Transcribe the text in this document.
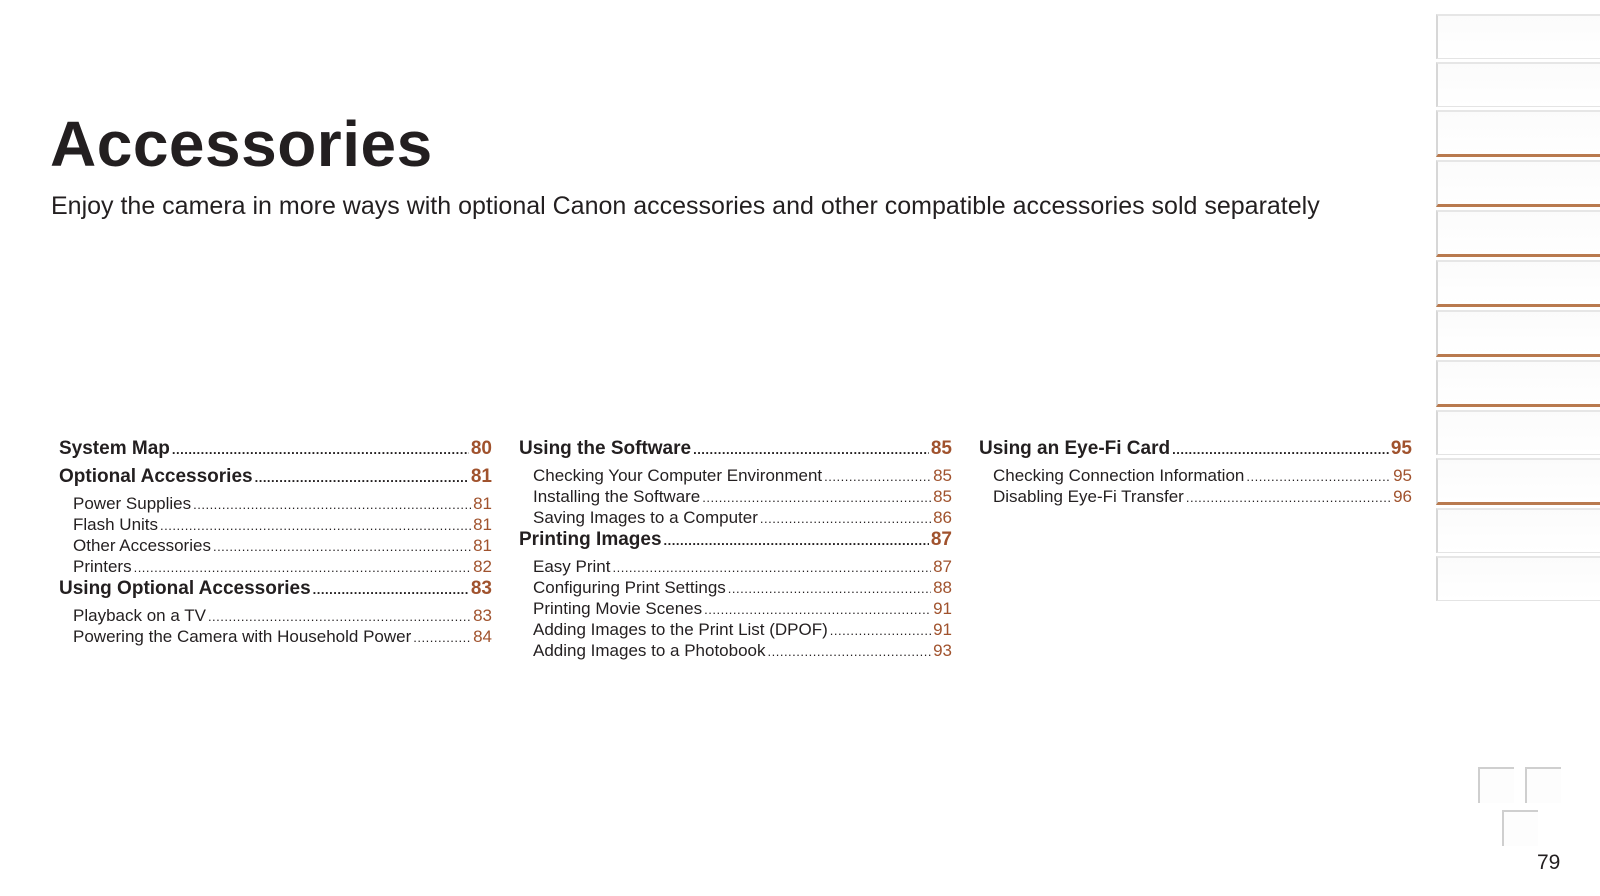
Accessories

Enjoy the camera in more ways with optional Canon accessories and other compatible accessories sold separately

System Map .....	80
Optional Accessories .....	81
Power Supplies .....	81
Flash Units .....	81
Other Accessories .....	81
Printers .....	82
Using Optional Accessories .....	83
Playback on a TV .....	83
Powering the Camera with Household Power .....	84
Using the Software .....	85
Checking Your Computer Environment .....	85
Installing the Software .....	85
Saving Images to a Computer .....	86
Printing Images .....	87
Easy Print .....	87
Configuring Print Settings .....	88
Printing Movie Scenes .....	91
Adding Images to the Print List (DPOF) .....	91
Adding Images to a Photobook .....	93
Using an Eye-Fi Card .....	95
Checking Connection Information .....	95
Disabling Eye-Fi Transfer .....	96
79
